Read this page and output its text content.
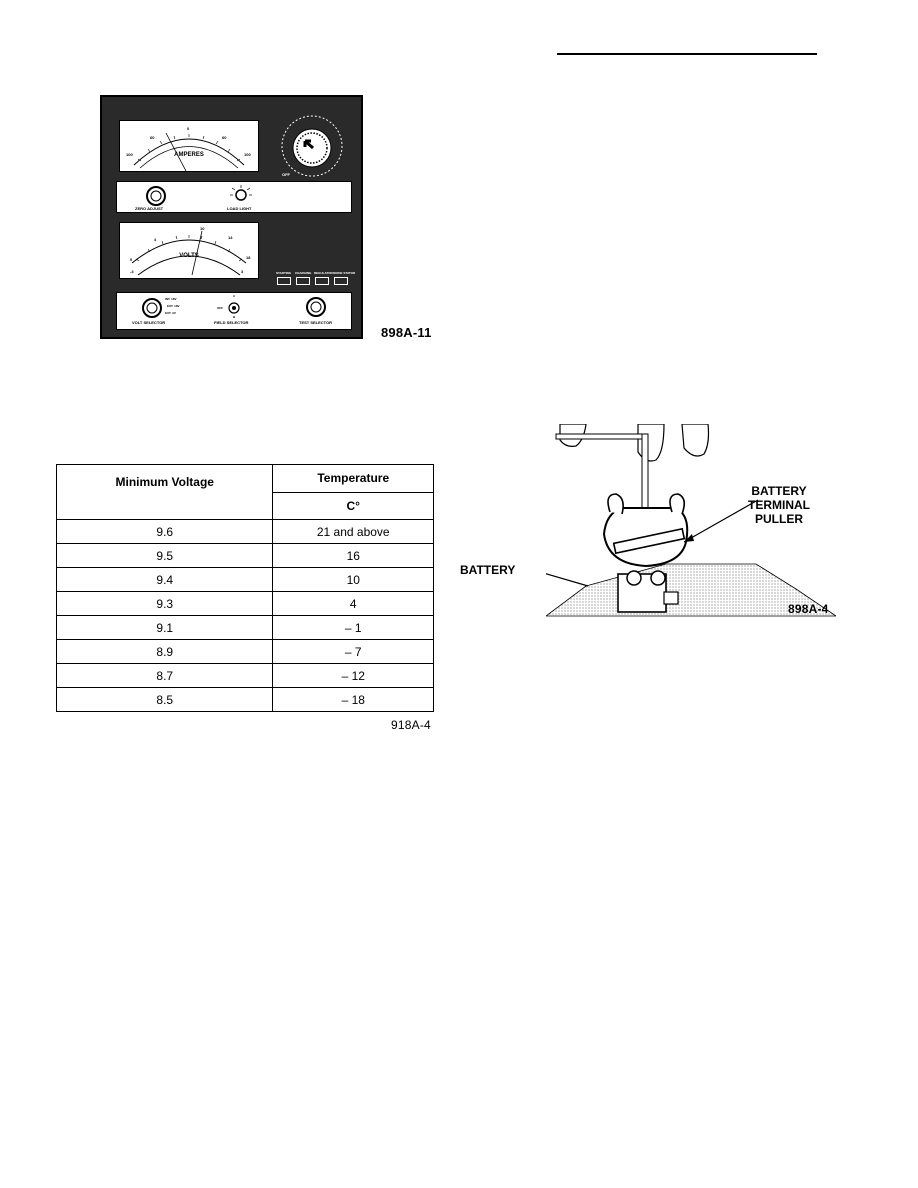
AMPERES
100
60
0
60
100
OFF
ZERO ADJUST	LOAD LIGHT
VOLTS
0
4
10
14
18
-3	3	STARTING CHARGING REGULATOR DIODE STATOR
INT. 18V
EXT. 18V
EXT. 3V
VOLT SELECTOR
A
OFF
B
FIELD SELECTOR	TEST SELECTOR
898A-11
Minimum Voltage	Temperature
	C°
9.6	21 and above
9.5	16
9.4	10
9.3	4
9.1	– 1
8.9	– 7
8.7	– 12
8.5	– 18
918A-4
BATTERY
TERMINAL
PULLER
BATTERY
898A-4
